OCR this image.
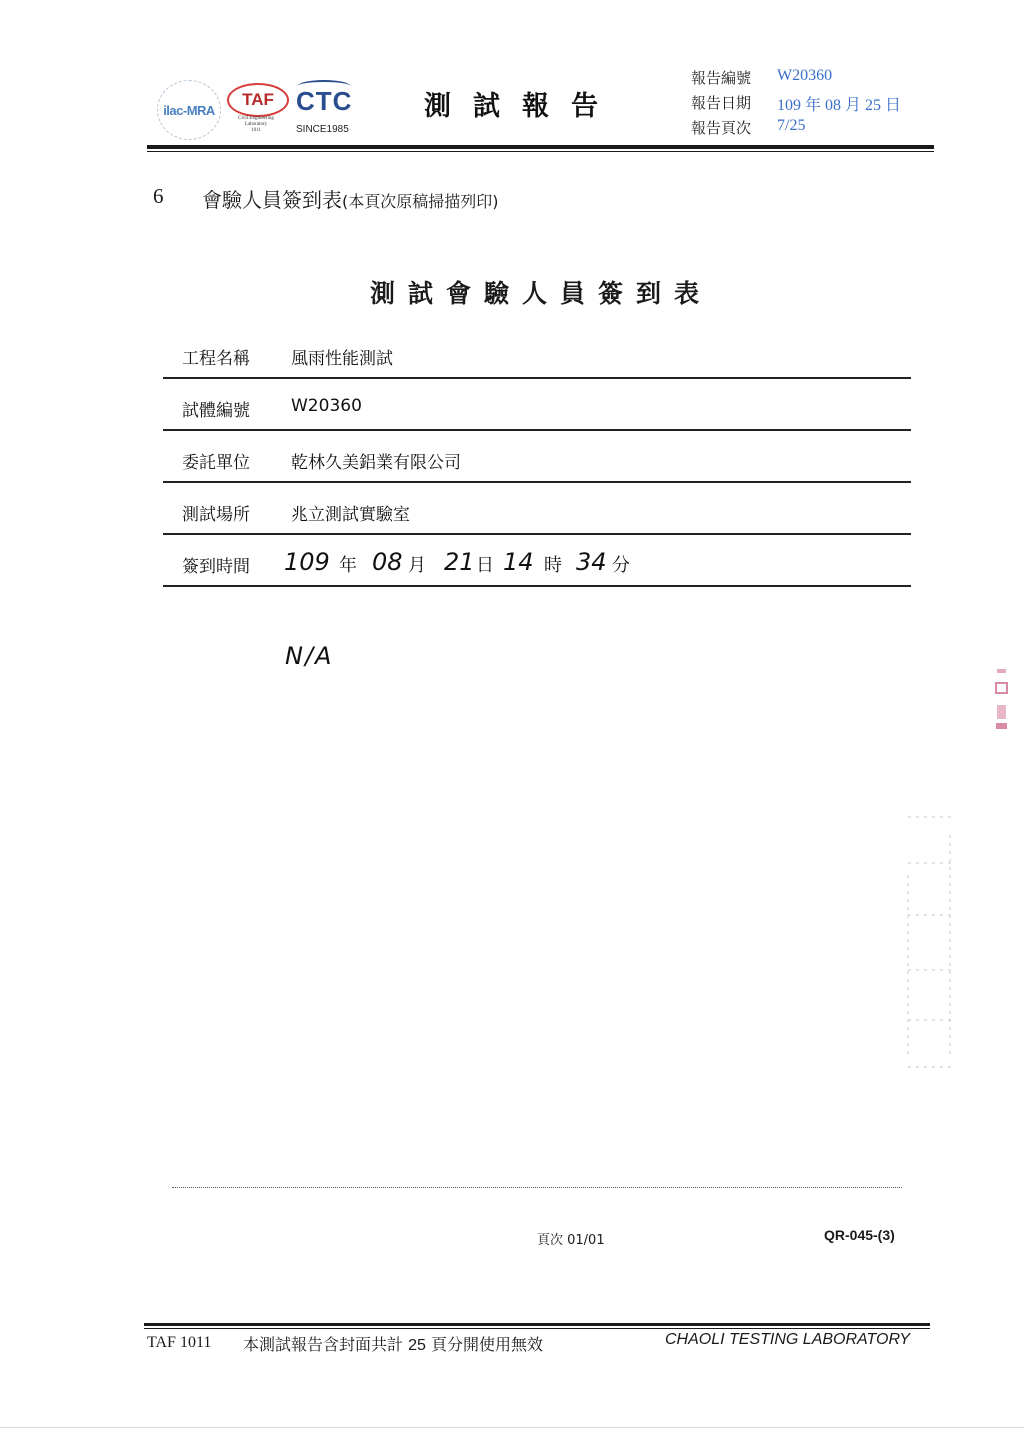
ilac-MRA
TAF
Civil Engineering
Laboratory
1011
CTC
SINCE1985
測試報告
報告編號 W20360
報告日期 109 年 08 月 25 日
報告頁次 7/25
6 會驗人員簽到表(本頁次原稿掃描列印)
測試會驗人員簽到表
工程名稱 風雨性能測試
試體編號 W20360
委託單位 乾林久美鋁業有限公司
測試場所 兆立測試實驗室
簽到時間 109 年 08 月 21 日 14 時 34 分
N/A
頁次 01/01	QR-045-(3)
TAF 1011 本測試報告含封面共計 25 頁分開使用無效	CHAOLI TESTING LABORATORY
